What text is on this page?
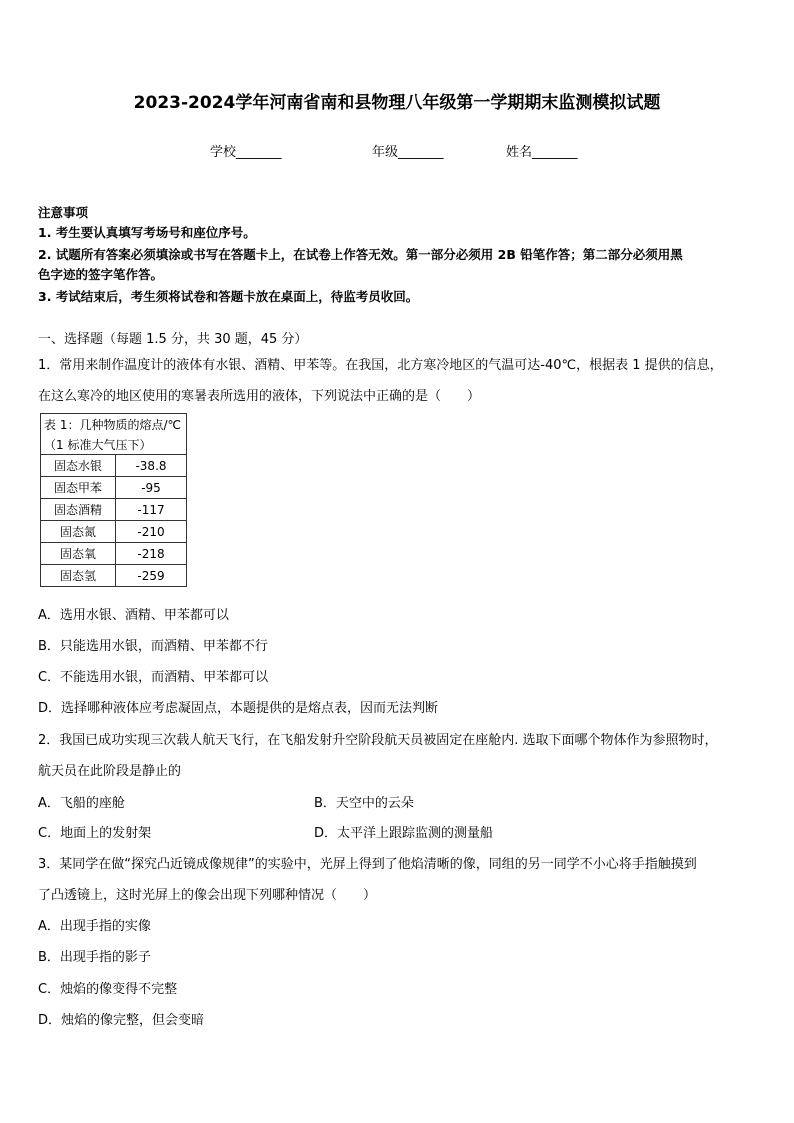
2023-2024学年河南省南和县物理八年级第一学期期末监测模拟试题
学校_______	年级_______	姓名_______
注意事项
1. 考生要认真填写考场号和座位序号。
2. 试题所有答案必须填涂或书写在答题卡上，在试卷上作答无效。第一部分必须用 2B 铅笔作答；第二部分必须用黑
色字迹的签字笔作答。
3. 考试结束后，考生须将试卷和答题卡放在桌面上，待监考员收回。
一、选择题（每题 1.5 分，共 30 题，45 分）
1．常用来制作温度计的液体有水银、酒精、甲苯等。在我国，北方寒冷地区的气温可达-40℃，根据表 1 提供的信息，
在这么寒冷的地区使用的寒暑表所选用的液体，下列说法中正确的是（　　）
表 1：几种物质的熔点/℃	
（1 标准大气压下）	
固态水银	-38.8
固态甲苯	-95
固态酒精	-117
固态氮	-210
固态氧	-218
固态氢	-259
A．选用水银、酒精、甲苯都可以
B．只能选用水银，而酒精、甲苯都不行
C．不能选用水银，而酒精、甲苯都可以
D．选择哪种液体应考虑凝固点，本题提供的是熔点表，因而无法判断
2．我国已成功实现三次载人航天飞行，在飞船发射升空阶段航天员被固定在座舱内. 选取下面哪个物体作为参照物时，
航天员在此阶段是静止的
A．飞船的座舱	B．天空中的云朵
C．地面上的发射架	D．太平洋上跟踪监测的测量船
3．某同学在做“探究凸近镜成像规律”的实验中，光屏上得到了他焰清晰的像，同组的另一同学不小心将手指触摸到
了凸透镜上，这时光屏上的像会出现下列哪种情况（　　）
A．出现手指的实像
B．出现手指的影子
C．烛焰的像变得不完整
D．烛焰的像完整，但会变暗
